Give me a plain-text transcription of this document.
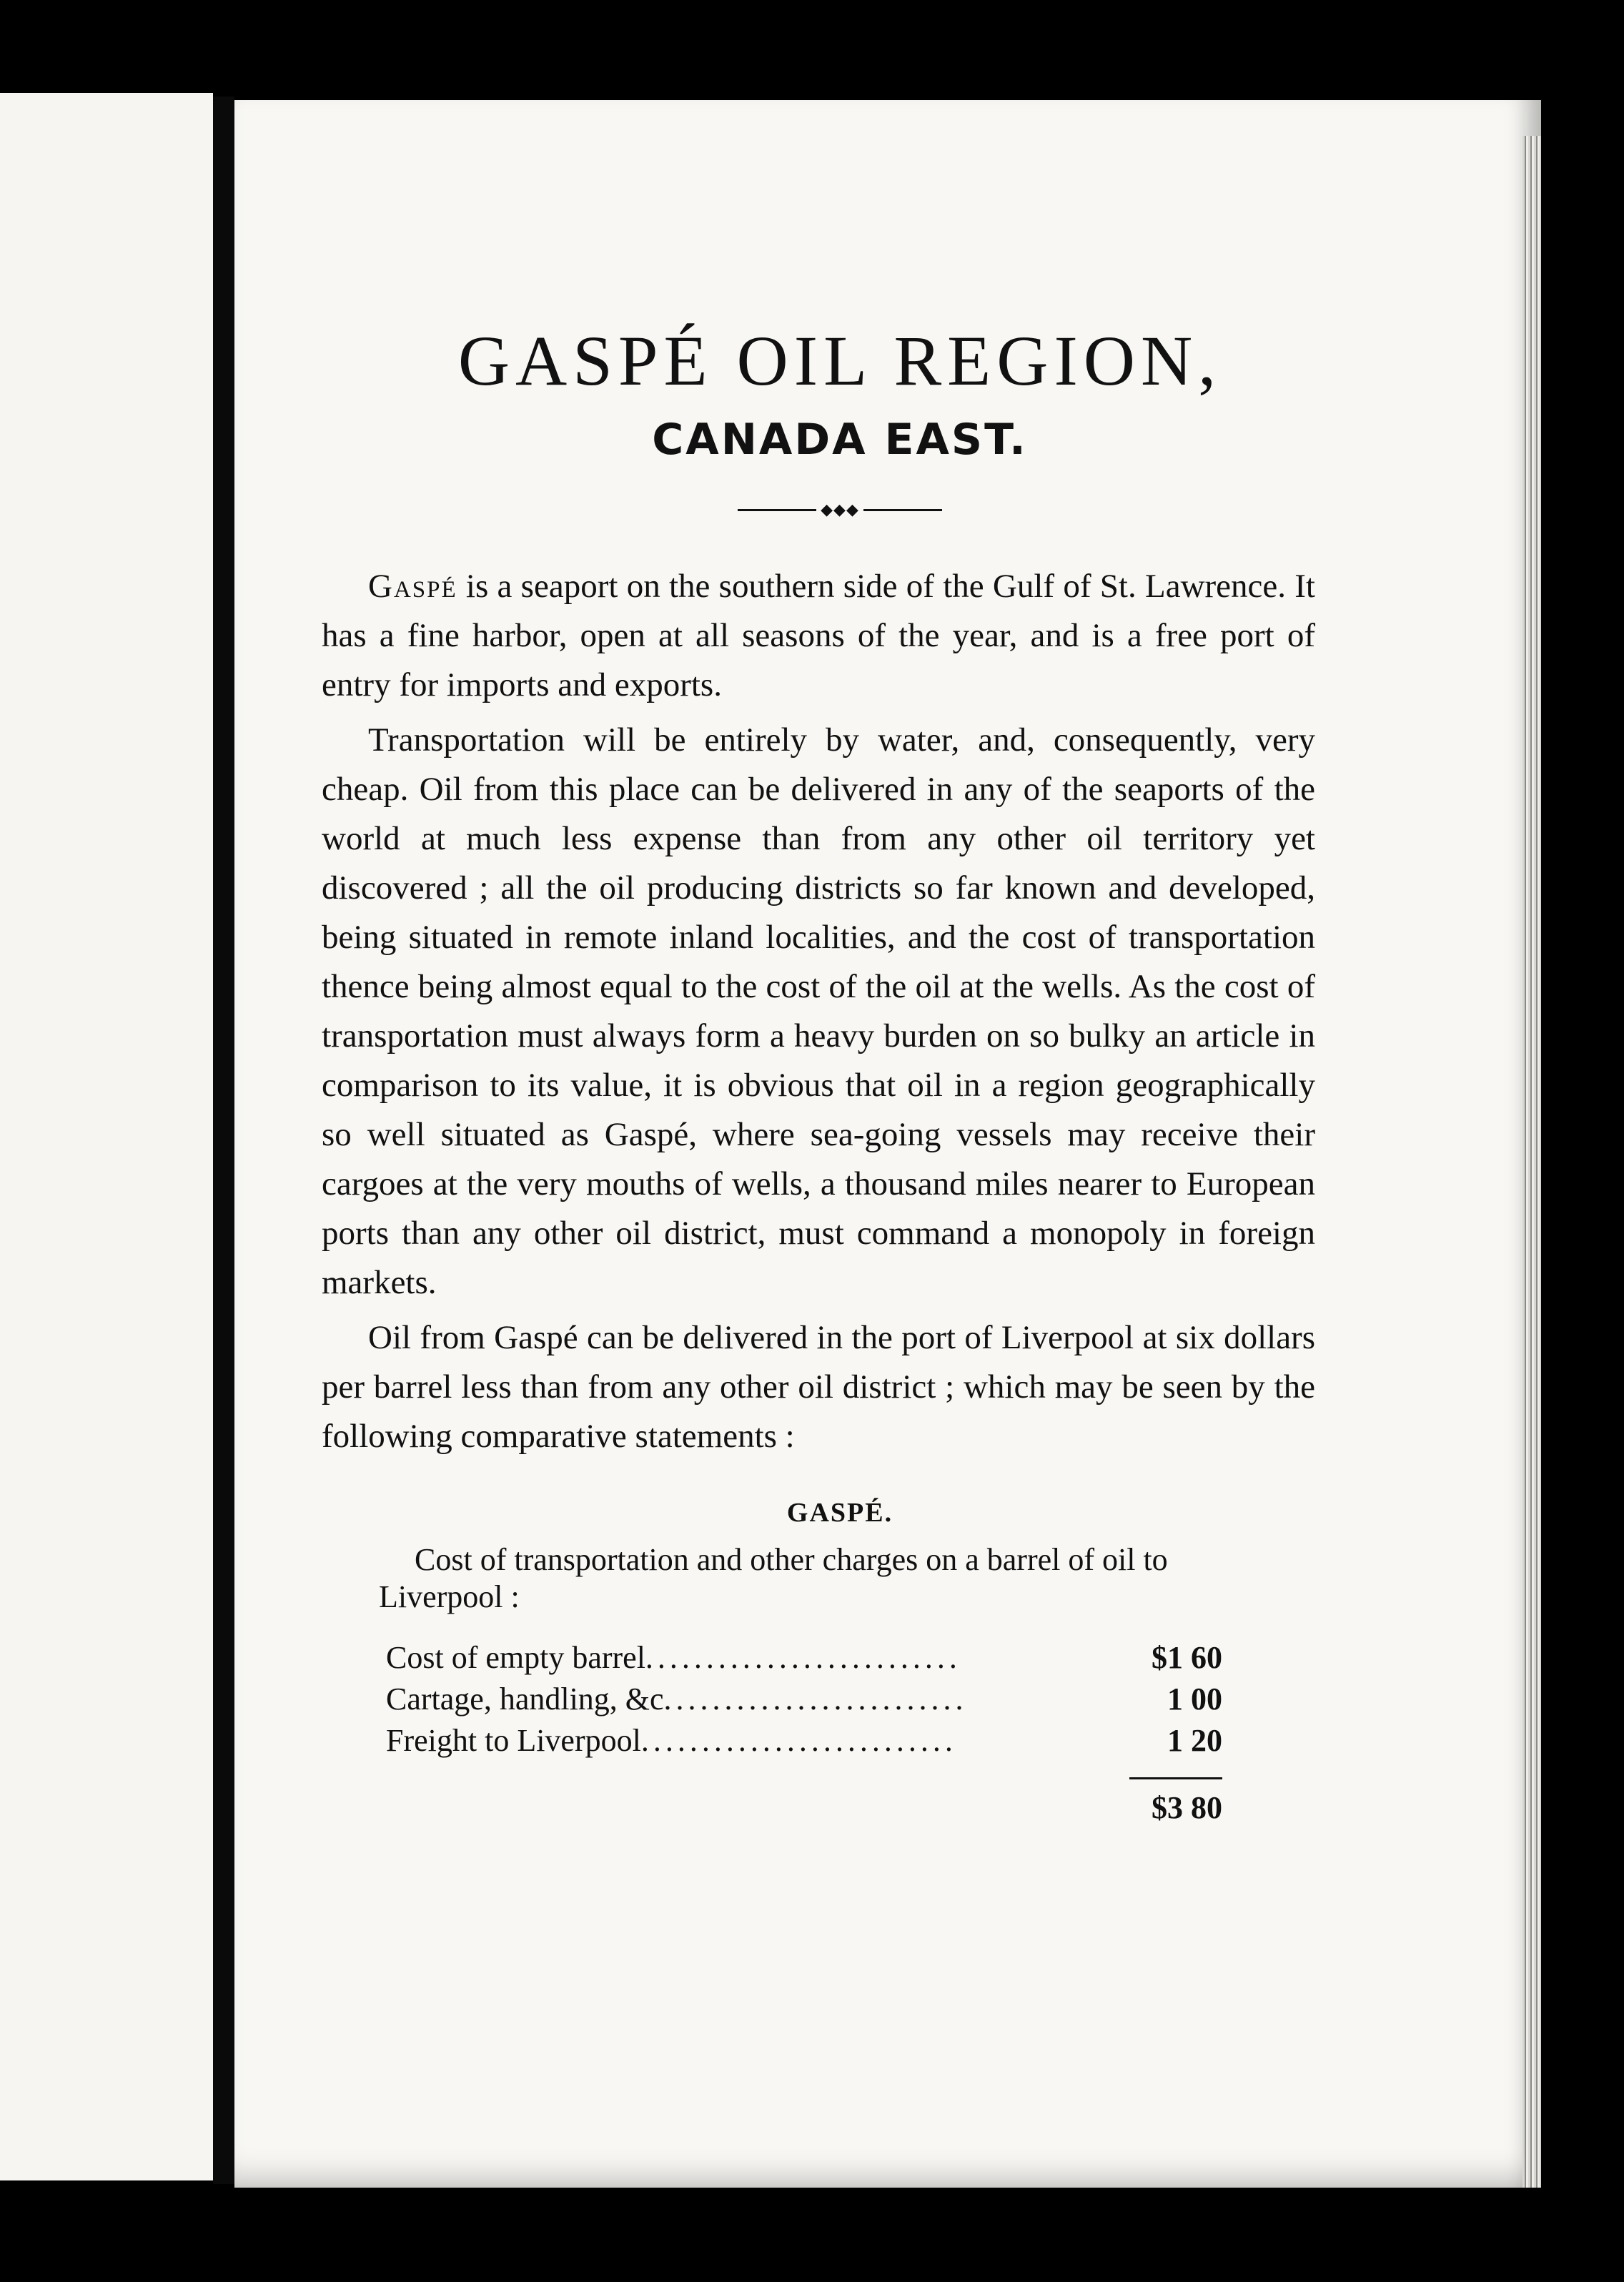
GASPÉ OIL REGION,
CANADA EAST.
◆◆◆

Gaspé is a seaport on the southern side of the Gulf of St. Lawrence. It has a fine harbor, open at all seasons of the year, and is a free port of entry for imports and exports.

Transportation will be entirely by water, and, consequently, very cheap. Oil from this place can be delivered in any of the seaports of the world at much less expense than from any other oil territory yet discovered ; all the oil producing districts so far known and developed, being situated in remote inland localities, and the cost of transportation thence being almost equal to the cost of the oil at the wells. As the cost of transportation must always form a heavy burden on so bulky an article in comparison to its value, it is obvious that oil in a region geographically so well situated as Gaspé, where sea-going vessels may receive their cargoes at the very mouths of wells, a thousand miles nearer to European ports than any other oil district, must command a monopoly in foreign markets.

Oil from Gaspé can be delivered in the port of Liverpool at six dollars per barrel less than from any other oil district ; which may be seen by the following comparative statements :

GASPÉ.

Cost of transportation and other charges on a barrel of oil to Liverpool :

Cost of empty barrel..........................	$1 60
Cartage, handling, &c.........................	1 00
Freight to Liverpool..........................	1 20
$3 80
